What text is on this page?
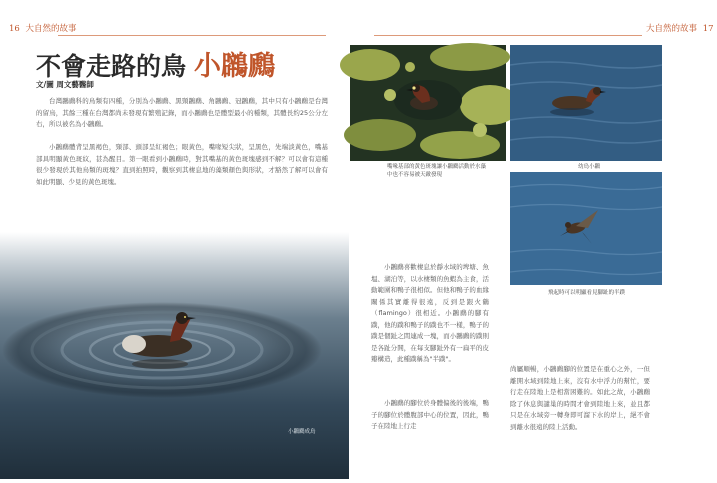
16 大自然的故事	大自然的故事 17
不會走路的鳥 小鸊鷉
文/圖 周文藝醫師

台灣鸊鷉科的鳥類有四種，分別為小鸊鷉、黑頸鸊鷉、角鸊鷉、冠鸊鷉，其中只有小鸊鷉是台灣的留鳥，其餘三種在台灣都尚未發現有繁殖記錄，而小鸊鷉也是體型最小的種類，其體長約25公分左右，所以被名為小鸊鷉。

小鸊鷉體背呈黑褐色，頸部、頭部呈紅褐色；眼黃色，嘴喙短尖狀，呈黑色，先端淡黃色，嘴基部具明顯黃色斑紋，甚為醒目。第一眼看到小鸊鷉時，對其嘴基的黃色斑塊感到不解？可以會有這種很少發現於其他鳥類的斑塊？直到拍照時，觀察到其棲息地的藻類顏色與形狀，才豁然了解可以會有如此明顯、少見的黃色斑塊。

小鸊鷉成鳥
嘴喙基部的黃色斑塊讓小鸊鷉活動於水藻中也不容易被天敵發現
幼鳥小鸊
飛起時可以明顯看見腳趾的半蹼

小鸊鷉喜歡棲息於靜水域的埤塘、魚塭、湖泊等，以水棲類的魚蝦為主食，活動範圍和鴨子很相似。但他和鴨子的血緣關係其實離得很遠，反到是跟火鶴（flamingo）很相近。小鸊鷉的腳有蹼，他的蹼和鴨子的蹼也不一樣，鴨子的蹼是個趾之間連成一塊，而小鸊鷉的蹼則是各趾分開，在每支腳趾外有一扁平的皮瓣構造，此種蹼稱為"半蹼"。

小鸊鷉的腳位於身體偏後的後端，鴨子的腳位於體腹部中心的位置，因此，鴨子在陸地上行走

尚屬順暢，小鸊鷉腳的位置是在重心之外，一但離開水域到陸地上來，沒有水中浮力的幫忙，要行走在陸地上是相當困難的。如此之故，小鸊鷉除了休息與譴巢的時間才會到陸地上來，並且都只是在水域旁一轉身即可溜下水的岸上，絕不會到離水很遠的陸上活動。
